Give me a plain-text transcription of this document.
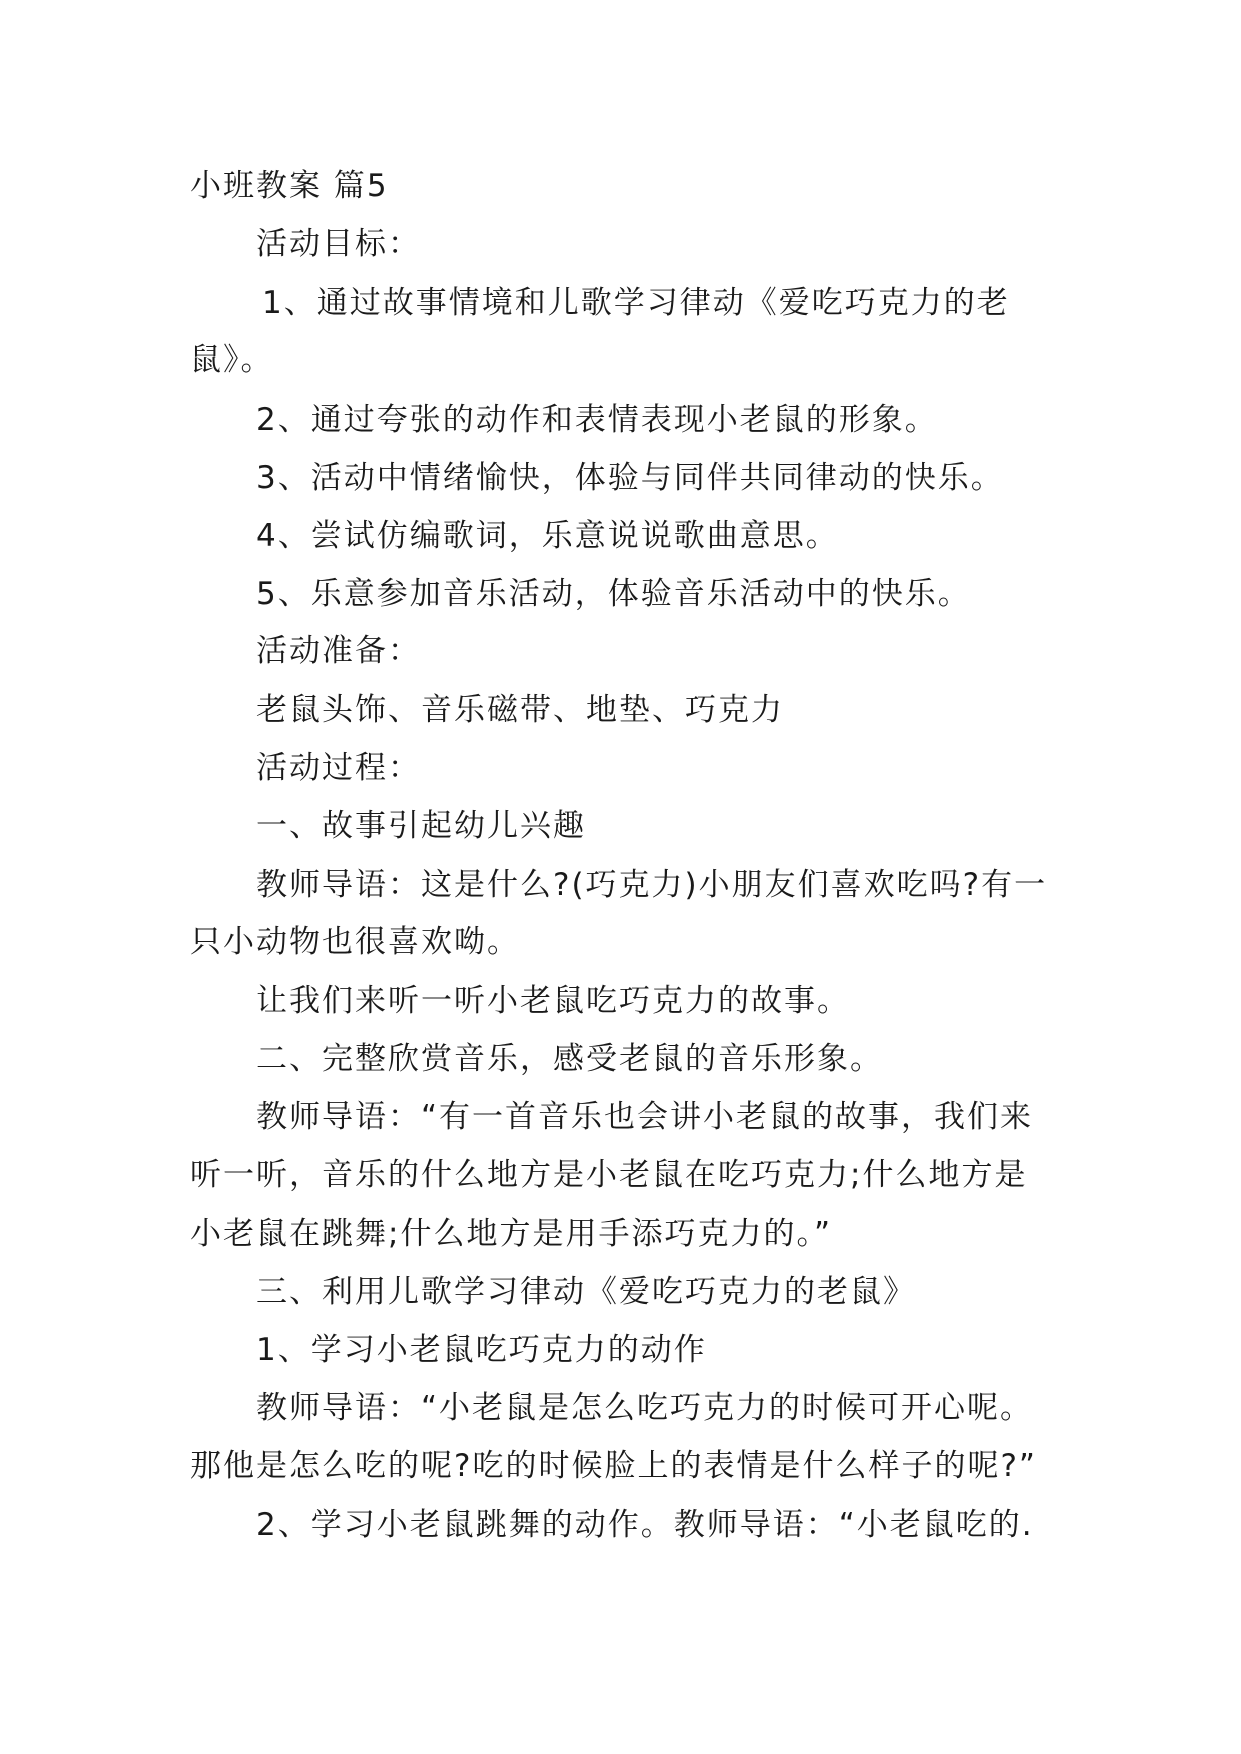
小班教案 篇5
活动目标：
1、通过故事情境和儿歌学习律动《爱吃巧克力的老
鼠》。
2、通过夸张的动作和表情表现小老鼠的形象。
3、活动中情绪愉快，体验与同伴共同律动的快乐。
4、尝试仿编歌词，乐意说说歌曲意思。
5、乐意参加音乐活动，体验音乐活动中的快乐。
活动准备：
老鼠头饰、音乐磁带、地垫、巧克力
活动过程：
一、故事引起幼儿兴趣
教师导语：这是什么?(巧克力)小朋友们喜欢吃吗?有一
只小动物也很喜欢呦。
让我们来听一听小老鼠吃巧克力的故事。
二、完整欣赏音乐，感受老鼠的音乐形象。
教师导语：“有一首音乐也会讲小老鼠的故事，我们来
听一听，音乐的什么地方是小老鼠在吃巧克力;什么地方是
小老鼠在跳舞;什么地方是用手添巧克力的。”
三、利用儿歌学习律动《爱吃巧克力的老鼠》
1、学习小老鼠吃巧克力的动作
教师导语：“小老鼠是怎么吃巧克力的时候可开心呢。
那他是怎么吃的呢?吃的时候脸上的表情是什么样子的呢?”
2、学习小老鼠跳舞的动作。教师导语：“小老鼠吃的.
